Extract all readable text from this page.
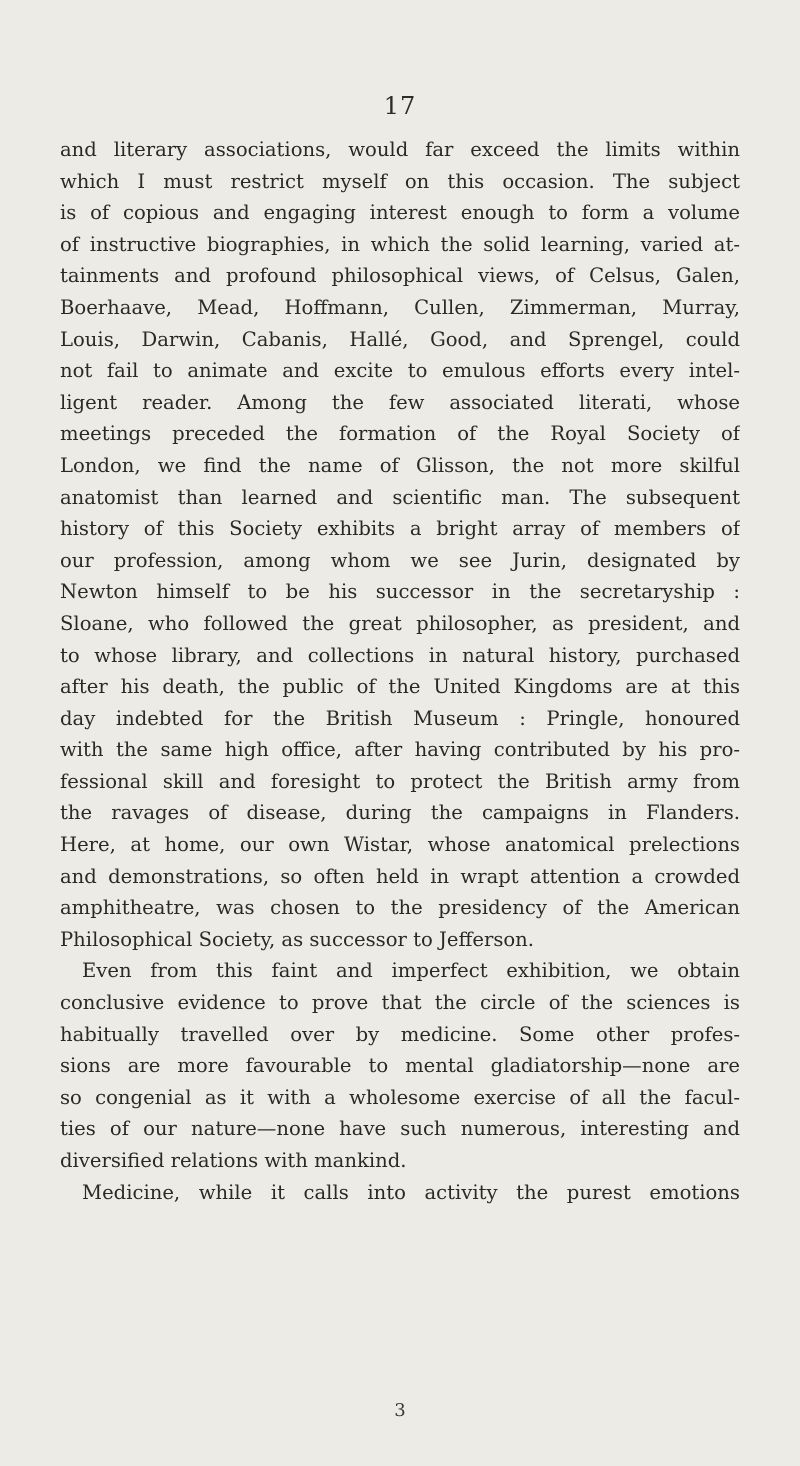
17
and literary associations, would far exceed the limits within
which I must restrict myself on this occasion. The subject
is of copious and engaging interest enough to form a volume
of instructive biographies, in which the solid learning, varied at-
tainments and profound philosophical views, of Celsus, Galen,
Boerhaave, Mead, Hoffmann, Cullen, Zimmerman, Murray,
Louis, Darwin, Cabanis, Hallé, Good, and Sprengel, could
not fail to animate and excite to emulous efforts every intel-
ligent reader. Among the few associated literati, whose
meetings preceded the formation of the Royal Society of
London, we find the name of Glisson, the not more skilful
anatomist than learned and scientific man. The subsequent
history of this Society exhibits a bright array of members of
our profession, among whom we see Jurin, designated by
Newton himself to be his successor in the secretaryship :
Sloane, who followed the great philosopher, as president, and
to whose library, and collections in natural history, purchased
after his death, the public of the United Kingdoms are at this
day indebted for the British Museum : Pringle, honoured
with the same high office, after having contributed by his pro-
fessional skill and foresight to protect the British army from
the ravages of disease, during the campaigns in Flanders.
Here, at home, our own Wistar, whose anatomical prelections
and demonstrations, so often held in wrapt attention a crowded
amphitheatre, was chosen to the presidency of the American
Philosophical Society, as successor to Jefferson.
Even from this faint and imperfect exhibition, we obtain
conclusive evidence to prove that the circle of the sciences is
habitually travelled over by medicine. Some other profes-
sions are more favourable to mental gladiatorship—none are
so congenial as it with a wholesome exercise of all the facul-
ties of our nature—none have such numerous, interesting and
diversified relations with mankind.
Medicine, while it calls into activity the purest emotions
3
